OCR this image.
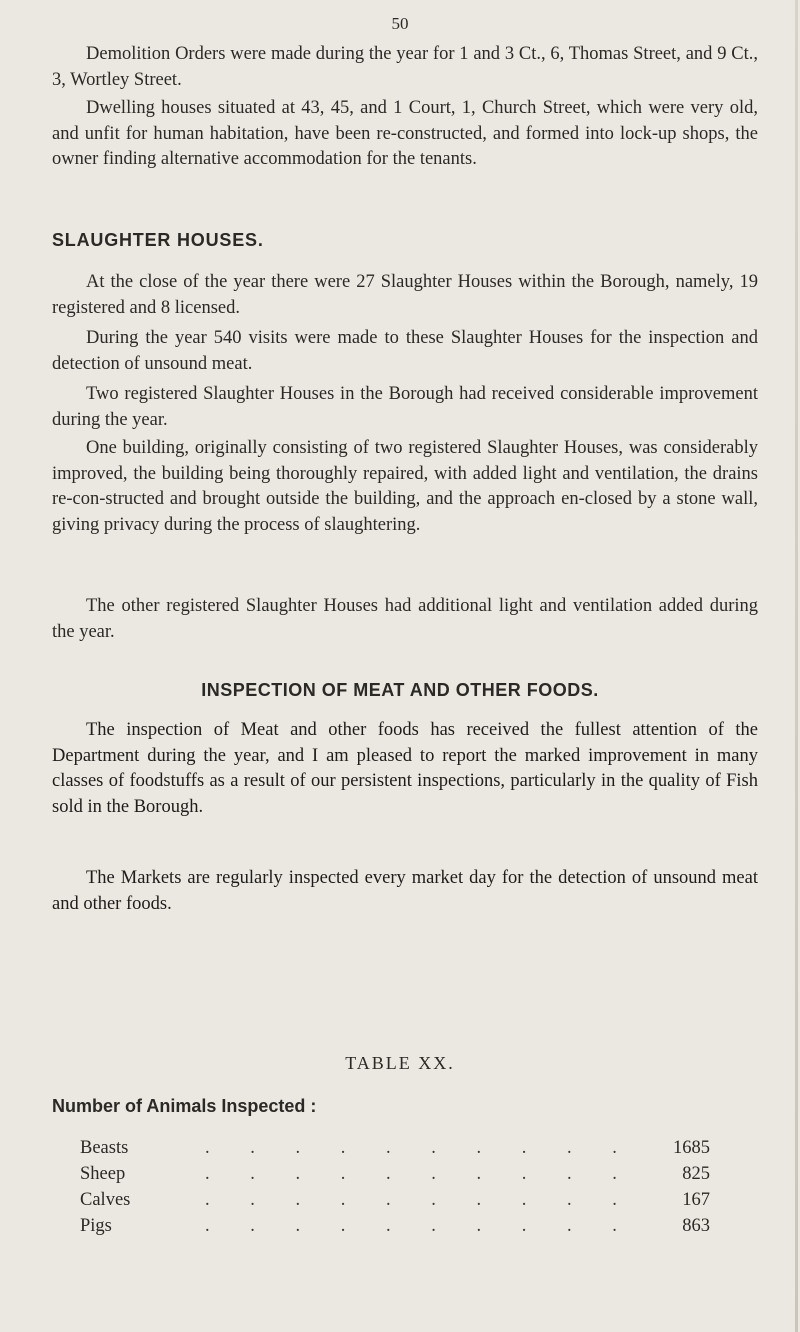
50

Demolition Orders were made during the year for 1 and 3 Ct., 6, Thomas Street, and 9 Ct., 3, Wortley Street.

Dwelling houses situated at 43, 45, and 1 Court, 1, Church Street, which were very old, and unfit for human habitation, have been re-constructed, and formed into lock-up shops, the owner finding alternative accommodation for the tenants.

SLAUGHTER HOUSES.

At the close of the year there were 27 Slaughter Houses within the Borough, namely, 19 registered and 8 licensed.

During the year 540 visits were made to these Slaughter Houses for the inspection and detection of unsound meat.

Two registered Slaughter Houses in the Borough had received considerable improvement during the year.

One building, originally consisting of two registered Slaughter Houses, was considerably improved, the building being thoroughly repaired, with added light and ventilation, the drains re-con-structed and brought outside the building, and the approach en-closed by a stone wall, giving privacy during the process of slaughtering.

The other registered Slaughter Houses had additional light and ventilation added during the year.

INSPECTION OF MEAT AND OTHER FOODS.

The inspection of Meat and other foods has received the fullest attention of the Department during the year, and I am pleased to report the marked improvement in many classes of foodstuffs as a result of our persistent inspections, particularly in the quality of Fish sold in the Borough.

The Markets are regularly inspected every market day for the detection of unsound meat and other foods.

TABLE XX.
Number of Animals Inspected :
Beasts	. . . . . . . . . .	1685
Sheep	. . . . . . . . . .	825
Calves	. . . . . . . . . .	167
Pigs	. . . . . . . . . .	863
